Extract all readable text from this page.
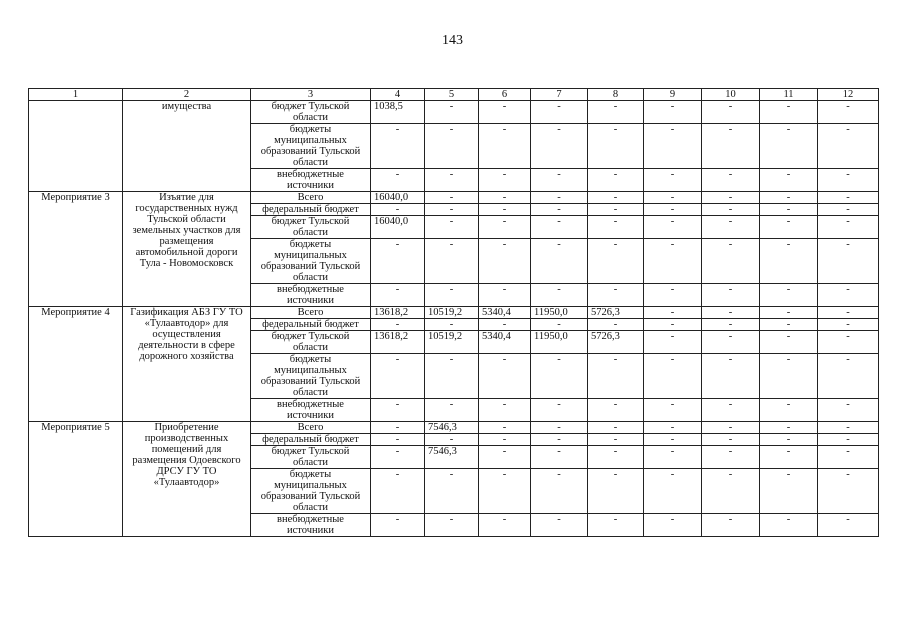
143
1	2	3	4	5	6	7	8	9	10	11	12
	имущества	бюджет Тульской области	1038,5	-	-	-	-	-	-	-	-
		бюджеты муниципальных образований Тульской области	-	-	-	-	-	-	-	-	-
		внебюджетные источники	-	-	-	-	-	-	-	-	-
Мероприятие 3	Изъятие для государственных нужд Тульской области земельных участков для размещения автомобильной дороги Тула - Новомосковск	Всего	16040,0	-	-	-	-	-	-	-	-
		федеральный бюджет	-	-	-	-	-	-	-	-	-
		бюджет Тульской области	16040,0	-	-	-	-	-	-	-	-
		бюджеты муниципальных образований Тульской области	-	-	-	-	-	-	-	-	-
		внебюджетные источники	-	-	-	-	-	-	-	-	-
Мероприятие 4	Газификация АБЗ ГУ ТО «Тулаавтодор» для осуществления деятельности в сфере дорожного хозяйства	Всего	13618,2	10519,2	5340,4	11950,0	5726,3	-	-	-	-
		федеральный бюджет	-	-	-	-	-	-	-	-	-
		бюджет Тульской области	13618,2	10519,2	5340,4	11950,0	5726,3	-	-	-	-
		бюджеты муниципальных образований Тульской области	-	-	-	-	-	-	-	-	-
		внебюджетные источники	-	-	-	-	-	-	-	-	-
Мероприятие 5	Приобретение производственных помещений для размещения Одоевского ДРСУ ГУ ТО «Тулаавтодор»	Всего	-	7546,3	-	-	-	-	-	-	-
		федеральный бюджет	-	-	-	-	-	-	-	-	-
		бюджет Тульской области	-	7546,3	-	-	-	-	-	-	-
		бюджеты муниципальных образований Тульской области	-	-	-	-	-	-	-	-	-
		внебюджетные источники	-	-	-	-	-	-	-	-	-
